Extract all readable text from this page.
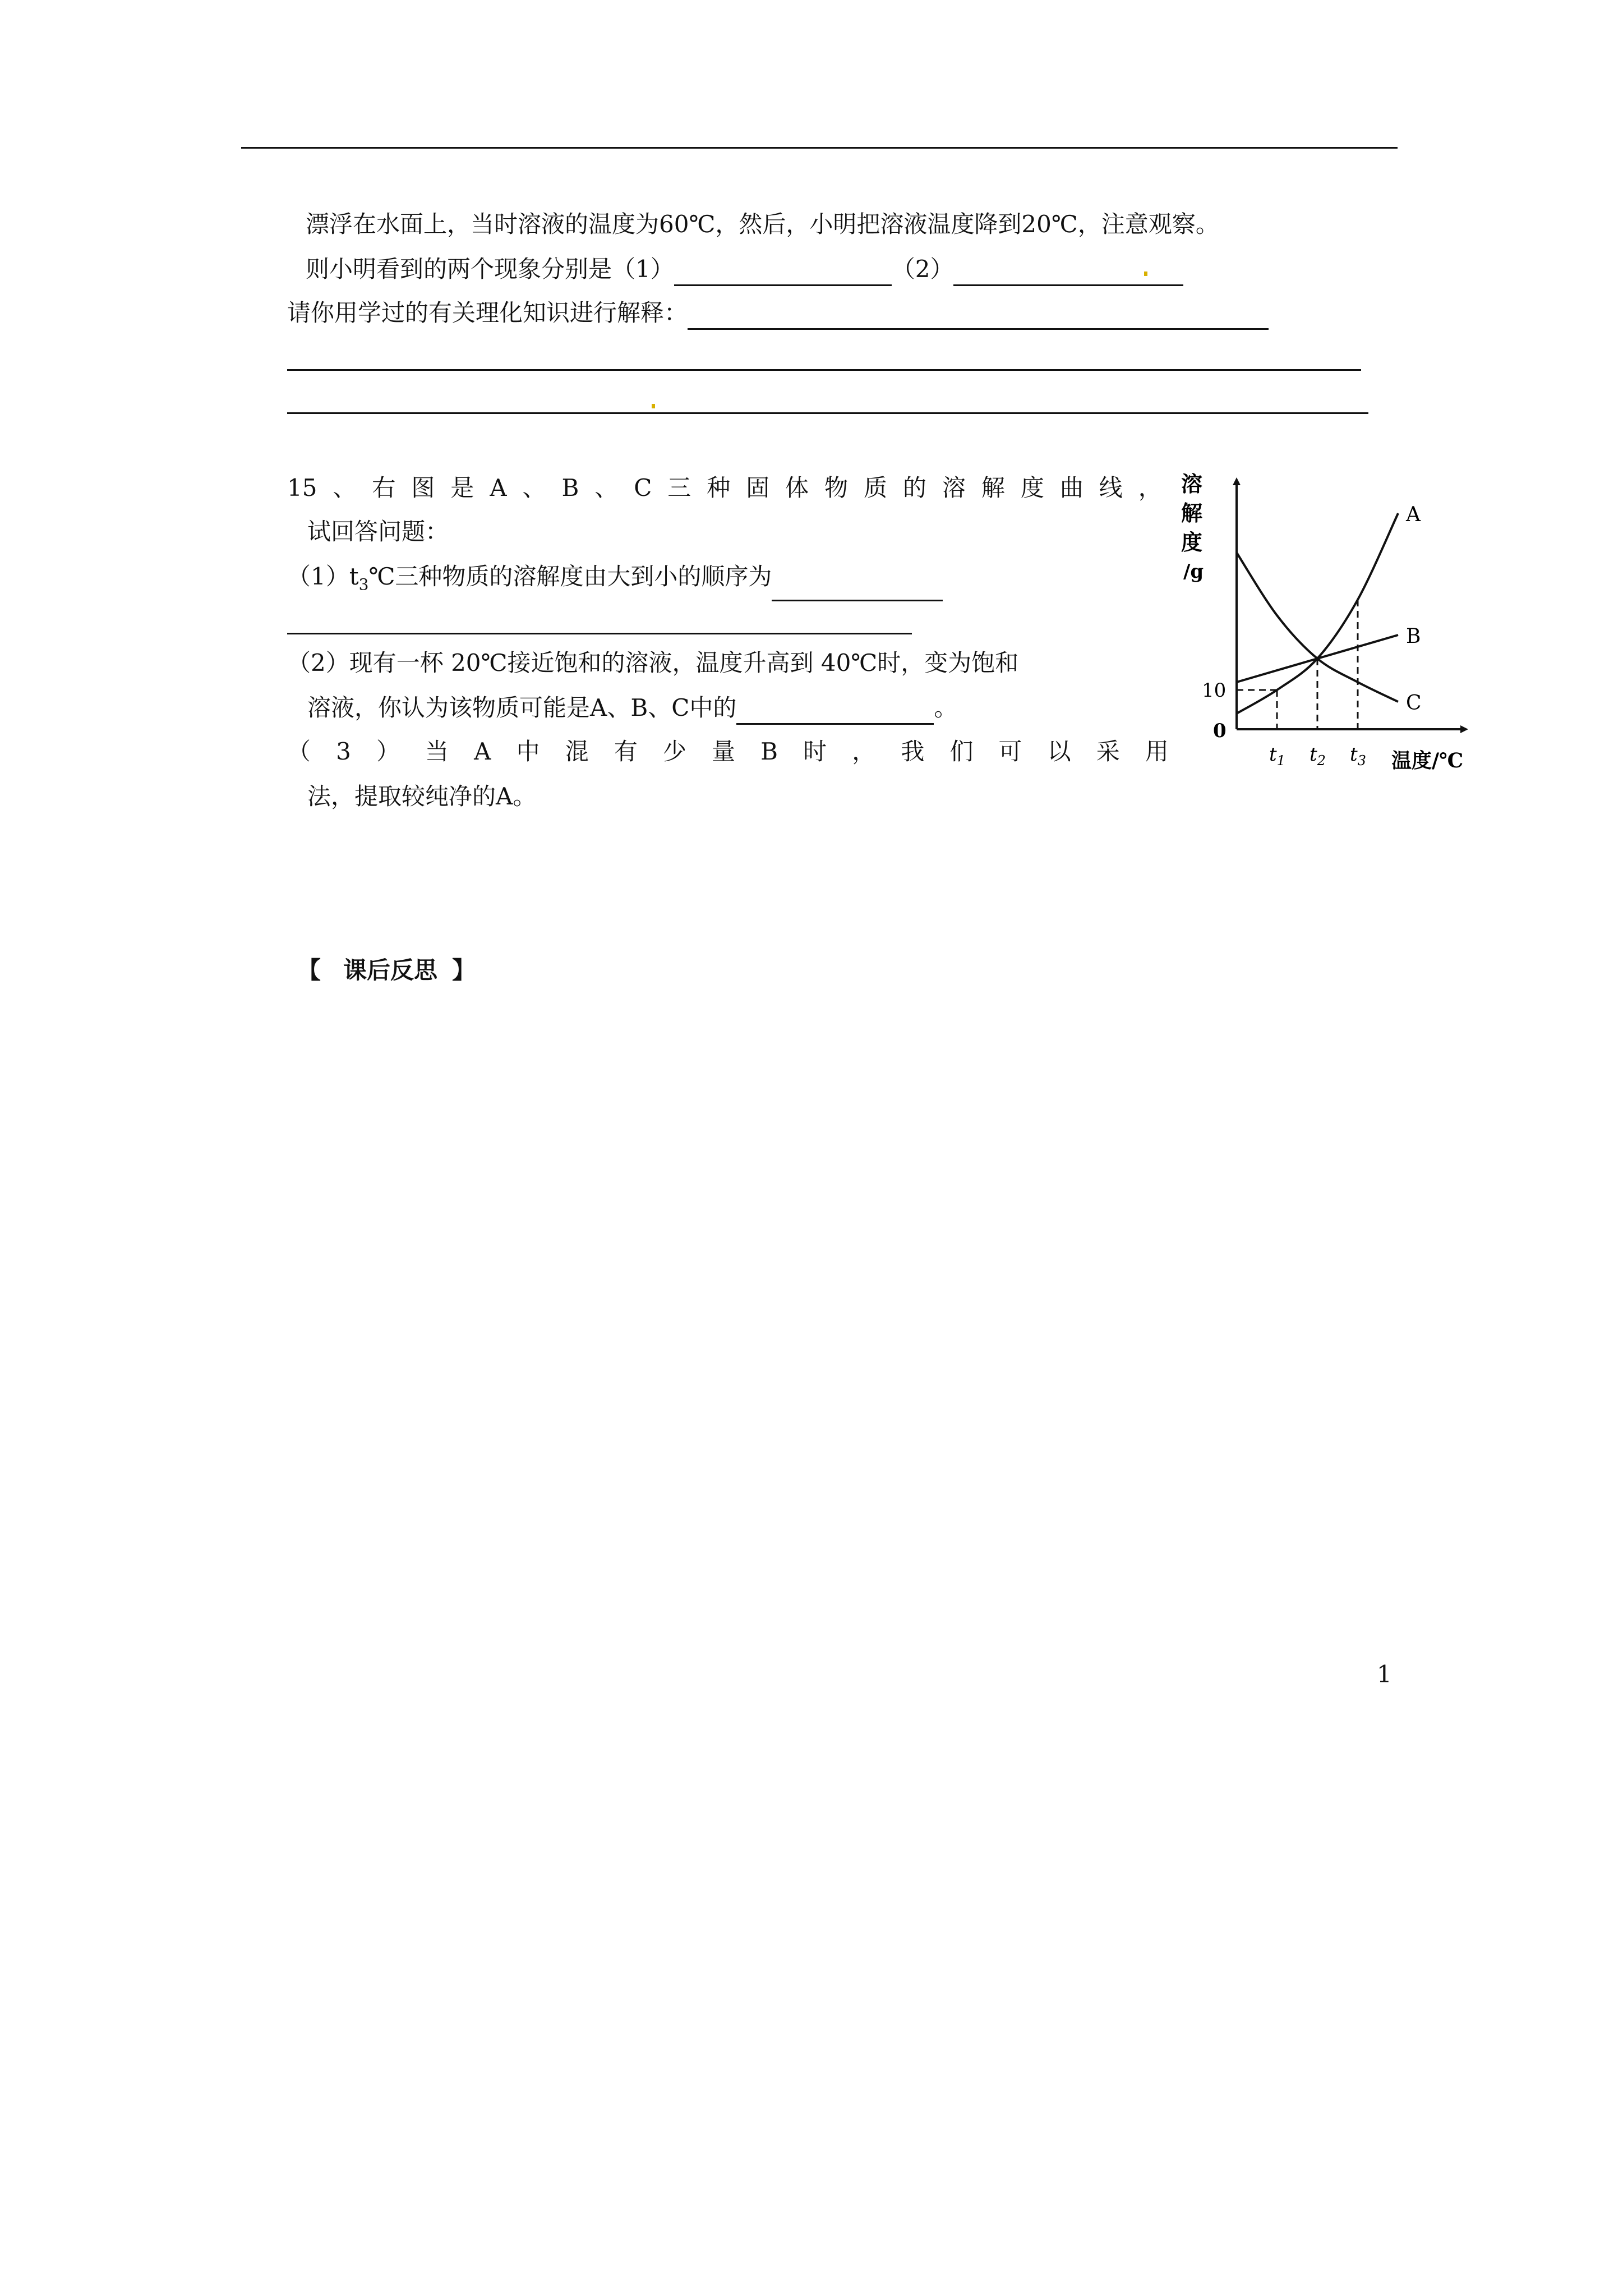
漂浮在水面上，当时溶液的温度为60℃，然后，小明把溶液温度降到20℃，注意观察。
则小明看到的两个现象分别是（1）	（2）
请你用学过的有关理化知识进行解释：
15 、 右 图 是 A 、 B 、 C 三 种 固 体 物 质 的 溶 解 度 曲 线 ，
试回答问题：
$(1)t_3℃$三种物质的溶解度由大到小的顺序为
（2）现有一杯 20℃接近饱和的溶液，温度升高到 40℃时，变为饱和
溶液，你认为该物质可能是A、B、C中的	。
（ 3 ） 当 A 中 混 有 少 量 B 时 ， 我 们 可 以 采 用
法，提取较纯净的A。
溶
解
度
/g
0
10
$t_1$ $t_2$ $t_3$ 温度/℃
A
B
C
【 课后反思 】
1
